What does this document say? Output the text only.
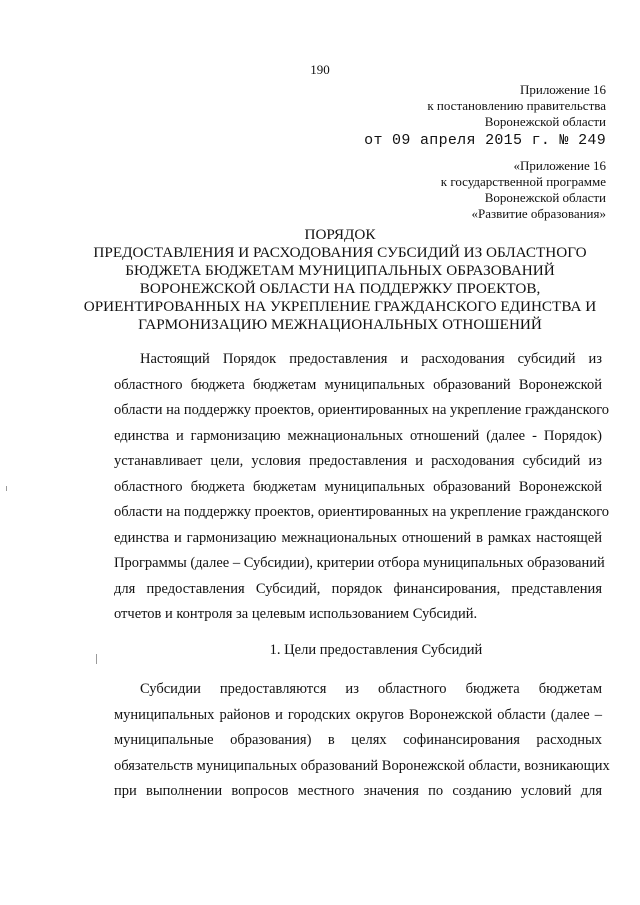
190
Приложение 16
к постановлению правительства
Воронежской области
от 09 апреля 2015 г. № 249
«Приложение 16
к государственной программе
Воронежской области
«Развитие образования»
ПОРЯДОК
ПРЕДОСТАВЛЕНИЯ И РАСХОДОВАНИЯ СУБСИДИЙ ИЗ ОБЛАСТНОГО
БЮДЖЕТА БЮДЖЕТАМ МУНИЦИПАЛЬНЫХ ОБРАЗОВАНИЙ
ВОРОНЕЖСКОЙ ОБЛАСТИ НА ПОДДЕРЖКУ ПРОЕКТОВ,
ОРИЕНТИРОВАННЫХ НА УКРЕПЛЕНИЕ ГРАЖДАНСКОГО ЕДИНСТВА И
ГАРМОНИЗАЦИЮ МЕЖНАЦИОНАЛЬНЫХ ОТНОШЕНИЙ
Настоящий Порядок предоставления и расходования субсидий из
областного бюджета бюджетам муниципальных образований Воронежской
области на поддержку проектов, ориентированных на укрепление гражданского
единства и гармонизацию межнациональных отношений (далее - Порядок)
устанавливает цели, условия предоставления и расходования субсидий из
областного бюджета бюджетам муниципальных образований Воронежской
области на поддержку проектов, ориентированных на укрепление гражданского
единства и гармонизацию межнациональных отношений в рамках настоящей
Программы (далее – Субсидии), критерии отбора муниципальных образований
для предоставления Субсидий, порядок финансирования, представления
отчетов и контроля за целевым использованием Субсидий.
1. Цели предоставления Субсидий
Субсидии предоставляются из областного бюджета бюджетам
муниципальных районов и городских округов Воронежской области (далее –
муниципальные образования) в целях софинансирования расходных
обязательств муниципальных образований Воронежской области, возникающих
при выполнении вопросов местного значения по созданию условий для
